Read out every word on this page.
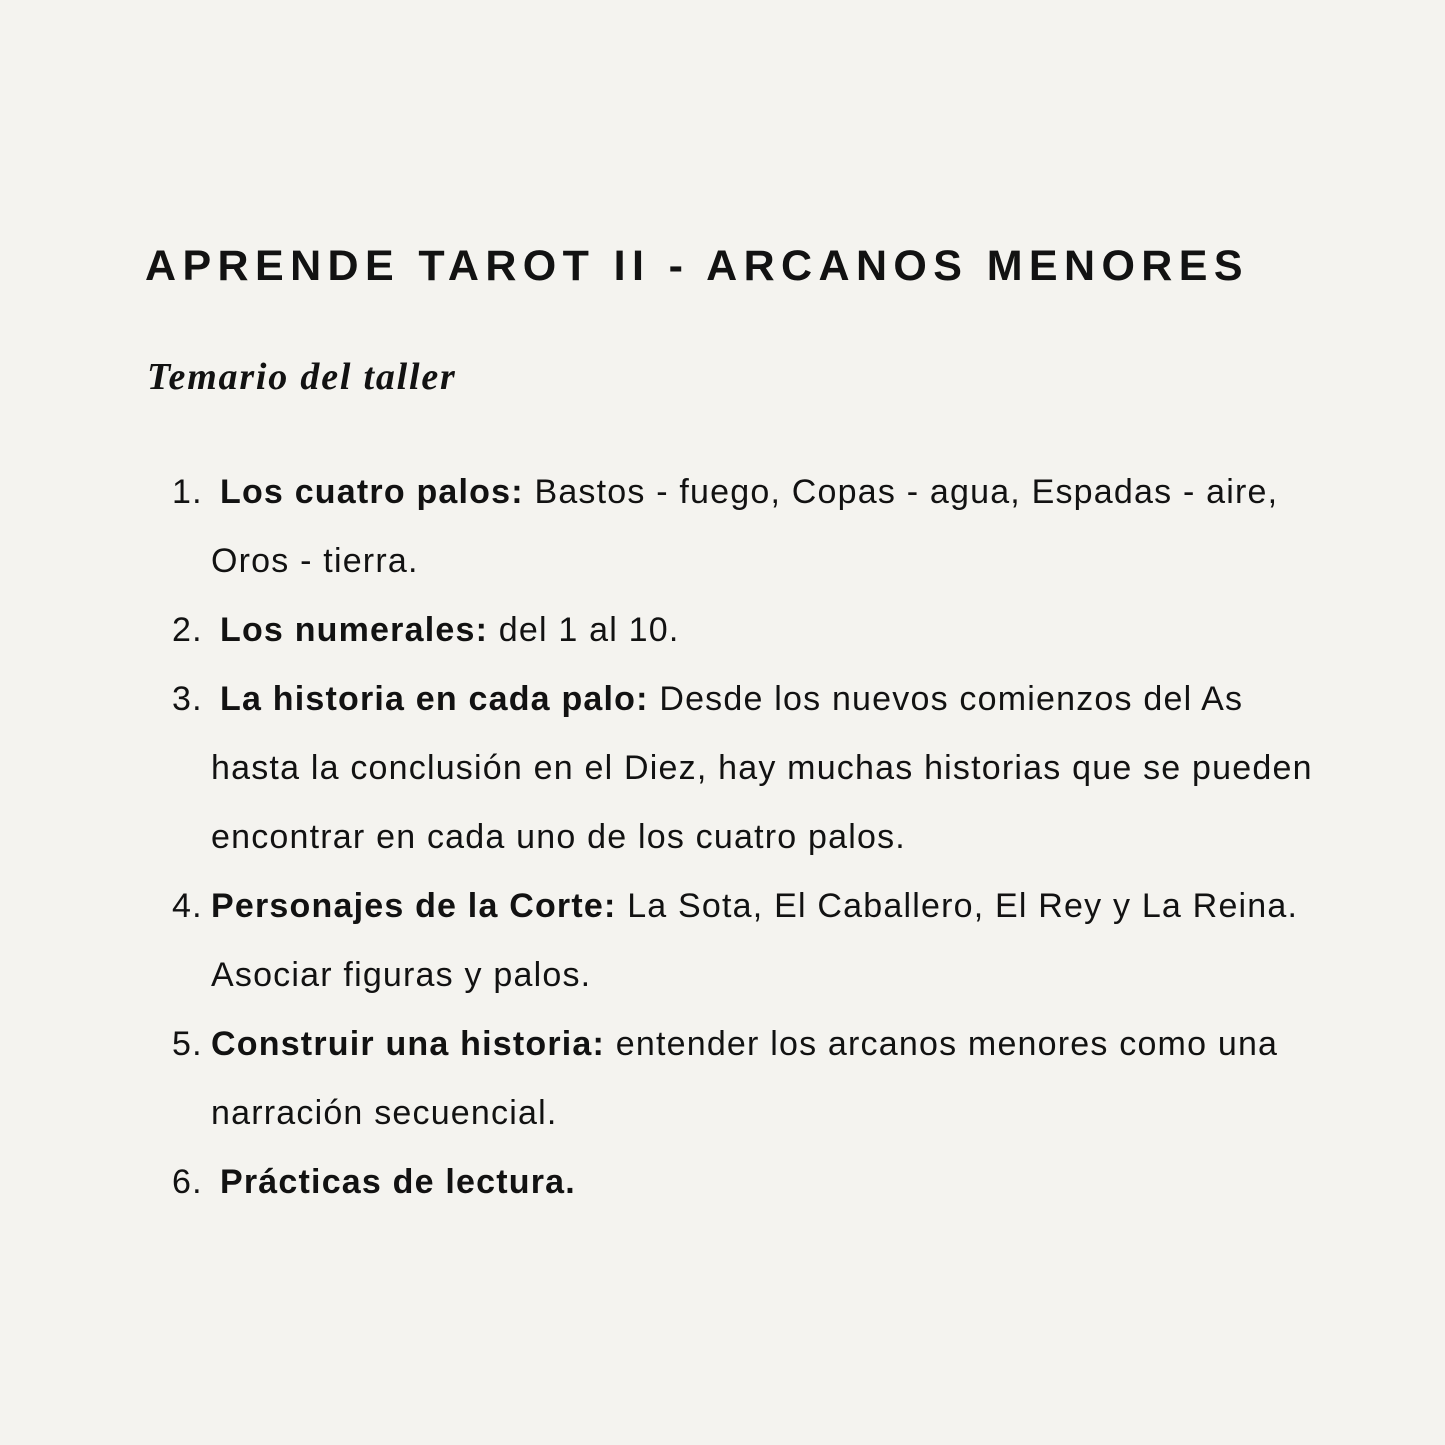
APRENDE TAROT II - ARCANOS MENORES
Temario del taller
1. Los cuatro palos: Bastos - fuego, Copas - agua, Espadas - aire, Oros - tierra.
2. Los numerales: del 1 al 10.
3. La historia en cada palo: Desde los nuevos comienzos del As hasta la conclusión en el Diez, hay muchas historias que se pueden encontrar en cada uno de los cuatro palos.
4. Personajes de la Corte: La Sota, El Caballero, El Rey y La Reina. Asociar figuras y palos.
5. Construir una historia: entender los arcanos menores como una narración secuencial.
6. Prácticas de lectura.
